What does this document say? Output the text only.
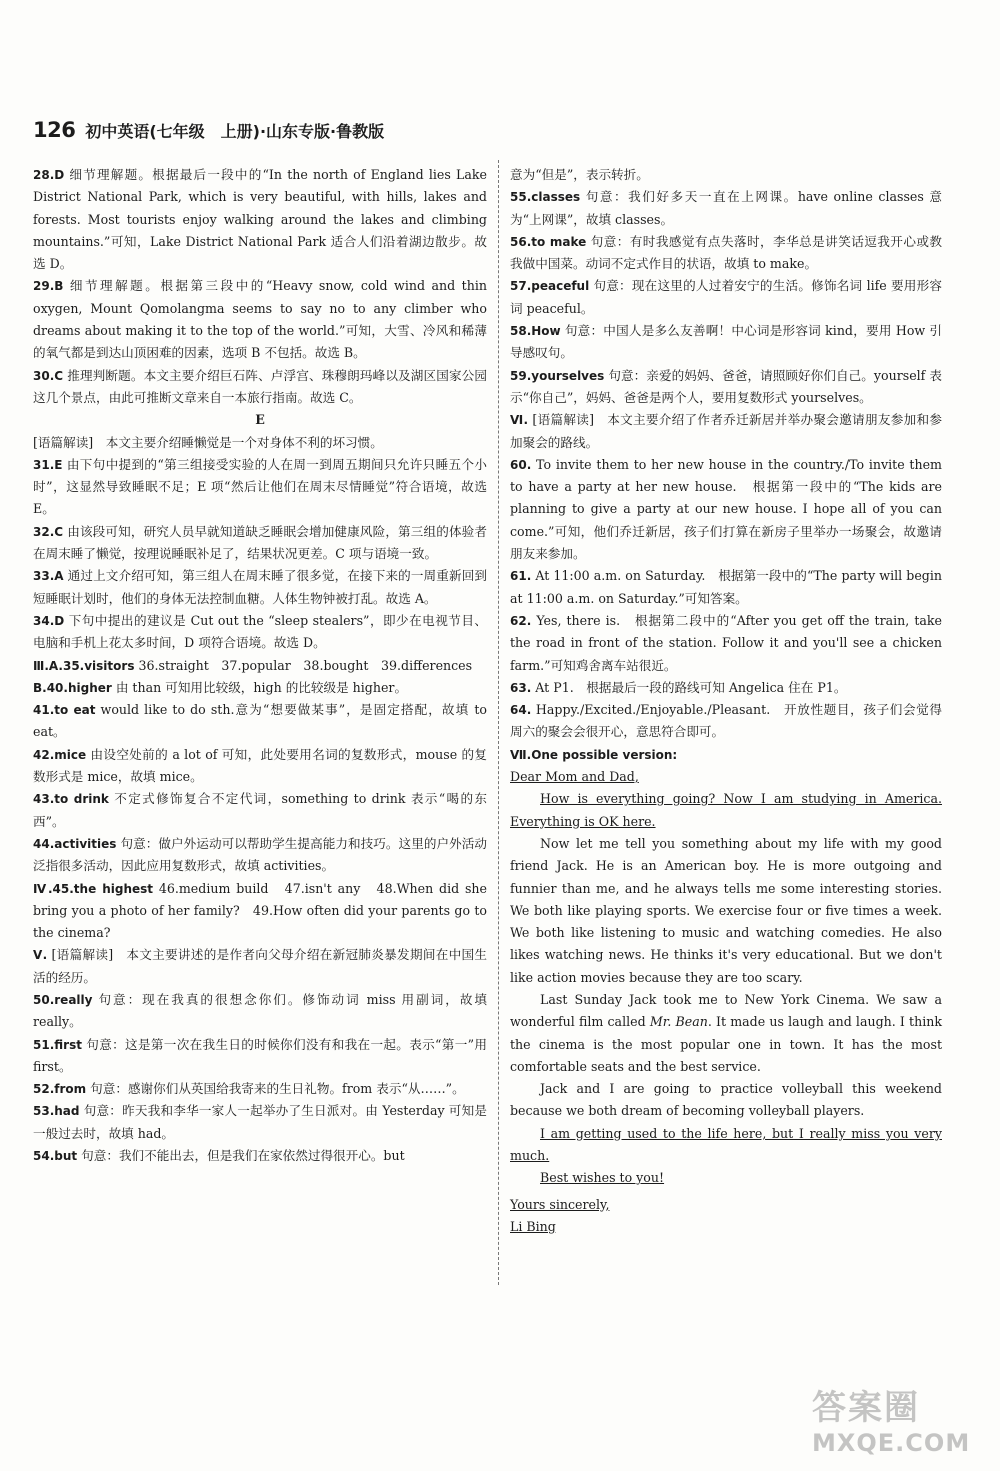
126 初中英语(七年级　上册)·山东专版·鲁教版

28.D 细节理解题。根据最后一段中的“In the north of England lies Lake District National Park, which is very beautiful, with hills, lakes and forests. Most tourists enjoy walking around the lakes and climbing mountains.”可知，Lake District National Park 适合人们沿着湖边散步。故选 D。

29.B 细节理解题。根据第三段中的“Heavy snow, cold wind and thin oxygen, Mount Qomolangma seems to say no to any climber who dreams about making it to the top of the world.”可知，大雪、冷风和稀薄的氧气都是到达山顶困难的因素，选项 B 不包括。故选 B。

30.C 推理判断题。本文主要介绍巨石阵、卢浮宫、珠穆朗玛峰以及湖区国家公园这几个景点，由此可推断文章来自一本旅行指南。故选 C。

E

[语篇解读]　本文主要介绍睡懒觉是一个对身体不利的坏习惯。

31.E 由下句中提到的“第三组接受实验的人在周一到周五期间只允许只睡五个小时”，这显然导致睡眠不足；E 项“然后让他们在周末尽情睡觉”符合语境，故选 E。

32.C 由该段可知，研究人员早就知道缺乏睡眠会增加健康风险，第三组的体验者在周末睡了懒觉，按理说睡眠补足了，结果状况更差。C 项与语境一致。

33.A 通过上文介绍可知，第三组人在周末睡了很多觉，在接下来的一周重新回到短睡眠计划时，他们的身体无法控制血糖。人体生物钟被打乱。故选 A。

34.D 下句中提出的建议是 Cut out the “sleep stealers”，即少在电视节目、电脑和手机上花太多时间，D 项符合语境。故选 D。

Ⅲ.A.35.visitors 36.straight　37.popular　38.bought　39.differences

B.40.higher 由 than 可知用比较级，high 的比较级是 higher。

41.to eat would like to do sth.意为“想要做某事”，是固定搭配，故填 to eat。

42.mice 由设空处前的 a lot of 可知，此处要用名词的复数形式，mouse 的复数形式是 mice，故填 mice。

43.to drink 不定式修饰复合不定代词，something to drink 表示“喝的东西”。

44.activities 句意：做户外运动可以帮助学生提高能力和技巧。这里的户外活动泛指很多活动，因此应用复数形式，故填 activities。

Ⅳ.45.the highest 46.medium build　47.isn't any　48.When did she bring you a photo of her family?　49.How often did your parents go to the cinema?

Ⅴ. [语篇解读]　本文主要讲述的是作者向父母介绍在新冠肺炎暴发期间在中国生活的经历。

50.really 句意：现在我真的很想念你们。修饰动词 miss 用副词，故填 really。

51.first 句意：这是第一次在我生日的时候你们没有和我在一起。表示“第一”用 first。

52.from 句意：感谢你们从英国给我寄来的生日礼物。from 表示“从……”。

53.had 句意：昨天我和李华一家人一起举办了生日派对。由 Yesterday 可知是一般过去时，故填 had。

54.but 句意：我们不能出去，但是我们在家依然过得很开心。but

意为“但是”，表示转折。

55.classes 句意：我们好多天一直在上网课。have online classes 意为“上网课”，故填 classes。

56.to make 句意：有时我感觉有点失落时，李华总是讲笑话逗我开心或教我做中国菜。动词不定式作目的状语，故填 to make。

57.peaceful 句意：现在这里的人过着安宁的生活。修饰名词 life 要用形容词 peaceful。

58.How 句意：中国人是多么友善啊！中心词是形容词 kind，要用 How 引导感叹句。

59.yourselves 句意：亲爱的妈妈、爸爸，请照顾好你们自己。yourself 表示“你自己”，妈妈、爸爸是两个人，要用复数形式 yourselves。

Ⅵ. [语篇解读]　本文主要介绍了作者乔迁新居并举办聚会邀请朋友参加和参加聚会的路线。

60. To invite them to her new house in the country./To invite them to have a party at her new house.　根据第一段中的“The kids are planning to give a party at our new house. I hope all of you can come.”可知，他们乔迁新居，孩子们打算在新房子里举办一场聚会，故邀请朋友来参加。

61. At 11:00 a.m. on Saturday.　根据第一段中的“The party will begin at 11:00 a.m. on Saturday.”可知答案。

62. Yes, there is.　根据第二段中的“After you get off the train, take the road in front of the station. Follow it and you'll see a chicken farm.”可知鸡舍离车站很近。

63. At P1.　根据最后一段的路线可知 Angelica 住在 P1。

64. Happy./Excited./Enjoyable./Pleasant.　开放性题目，孩子们会觉得周六的聚会会很开心，意思符合即可。

Ⅶ.One possible version:

Dear Mom and Dad,

How is everything going? Now I am studying in America. Everything is OK here.

Now let me tell you something about my life with my good friend Jack. He is an American boy. He is more outgoing and funnier than me, and he always tells me some interesting stories. We both like playing sports. We exercise four or five times a week. We both like listening to music and watching comedies. He also likes watching news. He thinks it's very educational. But we don't like action movies because they are too scary.

Last Sunday Jack took me to New York Cinema. We saw a wonderful film called Mr. Bean. It made us laugh and laugh. I think the cinema is the most popular one in town. It has the most comfortable seats and the best service.

Jack and I are going to practice volleyball this weekend because we both dream of becoming volleyball players.

I am getting used to the life here, but I really miss you very much.

Best wishes to you!

Yours sincerely,

Li Bing

答案圈
MXQE.COM
